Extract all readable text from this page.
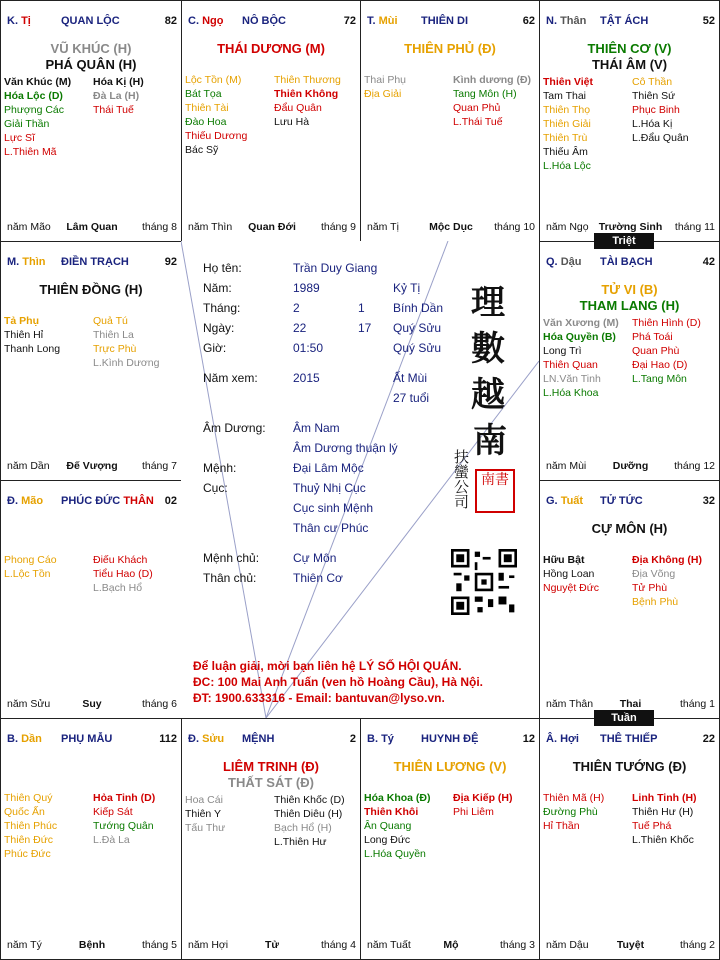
K. Tị	QUAN LỘC	82
VŨ KHÚC (H)
PHÁ QUÂN (H)
Văn Khúc (M)
Hóa Lộc (D)
Phượng Các
Giải Thần
Lực Sĩ
L.Thiên Mã
Hóa Kị (H)
Đà La (H)
Thái Tuế
năm Mão	Lâm Quan	tháng 8
C. Ngọ NÔ BỘC	72
THÁI DƯƠNG (M)
Lộc Tồn (M)
Bát Tọa
Thiên Tài
Đào Hoa
Thiếu Dương
Bác Sỹ
Thiên Thương
Thiên Không
Đẩu Quân
Lưu Hà
năm Thìn	Quan Đới	tháng 9
T. Mùi THIÊN DI	62
THIÊN PHỦ (Đ)
Thai Phụ
Địa Giải
Kình dương (Đ)
Tang Môn (H)
Quan Phủ
L.Thái Tuế
năm Tị	Mộc Dục	tháng 10
N. Thân TẬT ÁCH	52
THIÊN CƠ (V)
THÁI ÂM (V)
Thiên Việt
Tam Thai
Thiên Thọ
Thiên Giải
Thiên Trù
Thiếu Âm
L.Hóa Lộc
Cô Thần
Thiên Sứ
Phục Binh
L.Hóa Kị
L.Đẩu Quân
năm Ngọ Trường Sinh	tháng 11
M. Thìn ĐIỀN TRẠCH	92
THIÊN ĐỒNG (H)
Tả Phụ
Thiên Hỉ
Thanh Long
Quả Tú
Thiên La
Trực Phù
L.Kình Dương
năm Dần	Đế Vượng	tháng 7
Q. Dậu TÀI BẠCH	42
TỬ VI (B)
THAM LANG (H)
Văn Xương (M)
Hóa Quyền (B)
Long Trì
Thiên Quan
LN.Văn Tinh
L.Hóa Khoa
Thiên Hình (D)
Phá Toái
Quan Phù
Đại Hao (D)
L.Tang Môn
năm Mùi	Dưỡng	tháng 12
Đ. Mão PHÚC ĐỨC THÂN 02
Phong Cáo
L.Lộc Tồn
Điếu Khách
Tiểu Hao (D)
L.Bạch Hổ
năm Sửu	Suy	tháng 6
G. Tuất TỬ TỨC	32
CỰ MÔN (H)
Hữu Bật
Hồng Loan
Nguyệt Đức
Địa Không (H)
Địa Võng
Tử Phù
Bệnh Phù
năm Thân	Thai	tháng 1
B. Dần PHỤ MẪU	112
Thiên Quý
Quốc Ấn
Thiên Phúc
Thiên Đức
Phúc Đức
Hỏa Tinh (D)
Kiếp Sát
Tướng Quân
L.Đà La
năm Tý	Bệnh	tháng 5
Đ. Sửu MỆNH	2
LIÊM TRINH (Đ)
THẤT SÁT (Đ)
Hoa Cái
Thiên Y
Tấu Thư
Thiên Khốc (D)
Thiên Diêu (H)
Bạch Hổ (H)
L.Thiên Hư
năm Hợi	Tử	tháng 4
B. Tý HUYNH ĐỆ	12
THIÊN LƯƠNG (V)
Hóa Khoa (Đ)
Thiên Khôi
Ân Quang
Long Đức
L.Hóa Quyền
Địa Kiếp (H)
Phi Liêm
năm Tuất	Mộ	tháng 3
Â. Hợi THÊ THIẾP	22
THIÊN TƯỚNG (Đ)
Thiên Mã (H)
Đường Phù
Hỉ Thần
Linh Tinh (H)
Thiên Hư (H)
Tuế Phá
L.Thiên Khốc
năm Dậu	Tuyệt	tháng 2
Họ tên:	Trần Duy Giang
Năm:	1989	Kỷ Tị
Tháng:	2	1 Bính Dần
Ngày:	22	17 Quý Sửu
Giờ:	01:50	Quý Sửu
Năm xem:	2015	Ất Mùi
27 tuổi
Âm Dương: Âm Nam
Âm Dương thuận lý
Mệnh:	Đại Lâm Mộc
Cục:	Thuỷ Nhị Cục
Cục sinh Mệnh
Thân cư Phúc
Mệnh chủ:	Cự Môn
Thân chủ:	Thiên Cơ
理
數
越
南
扶蠻公司 南書
Để luận giải, mời bạn liên hệ LÝ SỐ HỘI QUÁN.
ĐC: 100 Mai Anh Tuấn (ven hồ Hoàng Cầu), Hà Nội.
ĐT: 1900.633316 - Email: bantuvan@lyso.vn.
Triệt
Tuần
